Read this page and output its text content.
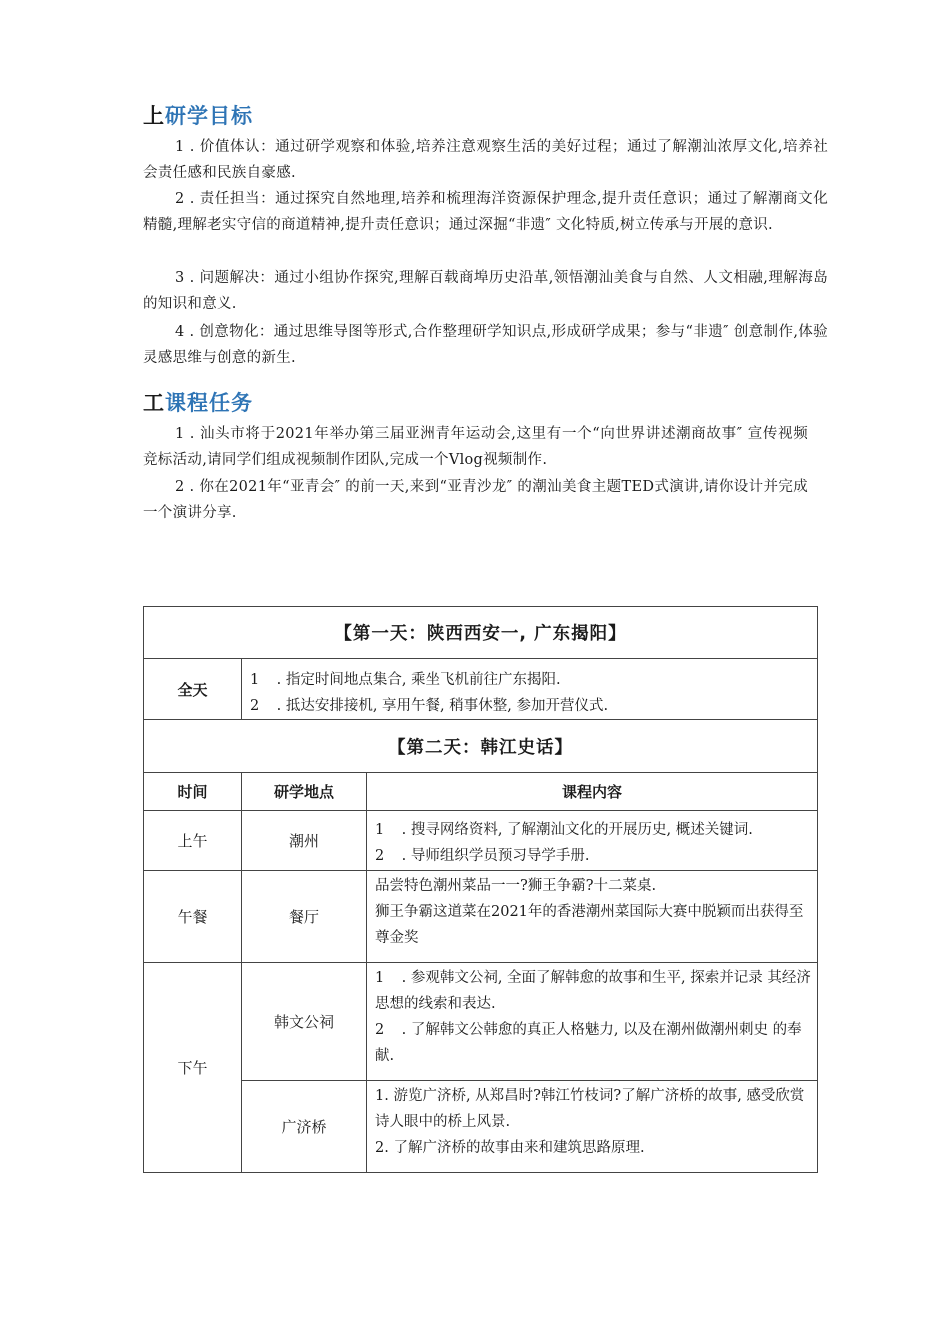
上研学目标
1 . 价值体认：通过研学观察和体验,培养注意观察生活的美好过程；通过了解潮汕浓厚文化,培养社会责任感和民族自豪感.
2 . 责任担当：通过探究自然地理,培养和梳理海洋资源保护理念,提升责任意识；通过了解潮商文化精髓,理解老实守信的商道精神,提升责任意识；通过深掘“非遗″ 文化特质,树立传承与开展的意识.
3 . 问题解决：通过小组协作探究,理解百载商埠历史沿革,领悟潮汕美食与自然、人文相融,理解海岛的知识和意义.
4 . 创意物化：通过思维导图等形式,合作整理研学知识点,形成研学成果；参与“非遗″ 创意制作,体验灵感思维与创意的新生.
工课程任务
1 . 汕头市将于2021年举办第三届亚洲青年运动会,这里有一个“向世界讲述潮商故事″ 宣传视频竞标活动,请同学们组成视频制作团队,完成一个Vlog视频制作.
2 . 你在2021年“亚青会″ 的前一天,来到“亚青沙龙″ 的潮汕美食主题TED式演讲,请你设计并完成一个演讲分享.
【第一天：陕西西安一, 广东揭阳】		
全天	1 . 指定时间地点集合, 乘坐飞机前往广东揭阳.
2 . 抵达安排接机, 享用午餐, 稍事休整, 参加开营仪式.	

【第二天：韩江史话】		
时间	研学地点	课程内容
上午	潮州	1 . 搜寻网络资料, 了解潮汕文化的开展历史, 概述关键词.
2 . 导师组织学员预习导学手册.

午餐	餐厅	品尝特色潮州菜品一一?狮王争霸?十二菜桌.
狮王争霸这道菜在2021年的香港潮州菜国际大赛中脱颖而出获得至尊金奖

下午	韩文公祠	1 . 参观韩文公祠, 全面了解韩愈的故事和生平, 探索并记录 其经济思想的线索和表达.
2 . 了解韩文公韩愈的真正人格魅力, 以及在潮州做潮州刺史 的奉献.

	广济桥	1. 游览广济桥, 从郑昌时?韩江竹枝词?了解广济桥的故事, 感受欣赏诗人眼中的桥上风景.
2. 了解广济桥的故事由来和建筑思路原理.
